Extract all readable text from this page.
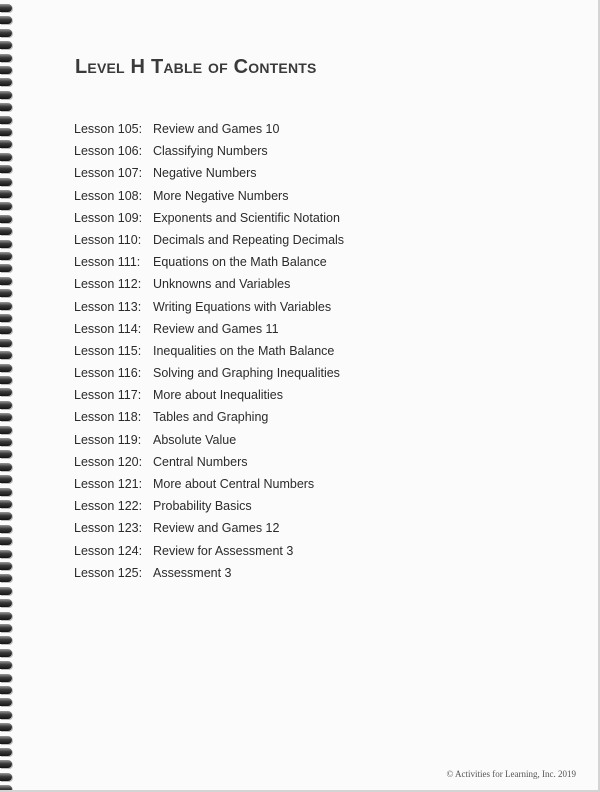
Level H Table of Contents
Lesson 105: Review and Games 10
Lesson 106: Classifying Numbers
Lesson 107: Negative Numbers
Lesson 108: More Negative Numbers
Lesson 109: Exponents and Scientific Notation
Lesson 110: Decimals and Repeating Decimals
Lesson 111: Equations on the Math Balance
Lesson 112: Unknowns and Variables
Lesson 113: Writing Equations with Variables
Lesson 114: Review and Games 11
Lesson 115: Inequalities on the Math Balance
Lesson 116: Solving and Graphing Inequalities
Lesson 117: More about Inequalities
Lesson 118: Tables and Graphing
Lesson 119: Absolute Value
Lesson 120: Central Numbers
Lesson 121: More about Central Numbers
Lesson 122: Probability Basics
Lesson 123: Review and Games 12
Lesson 124: Review for Assessment 3
Lesson 125: Assessment 3
© Activities for Learning, Inc. 2019
